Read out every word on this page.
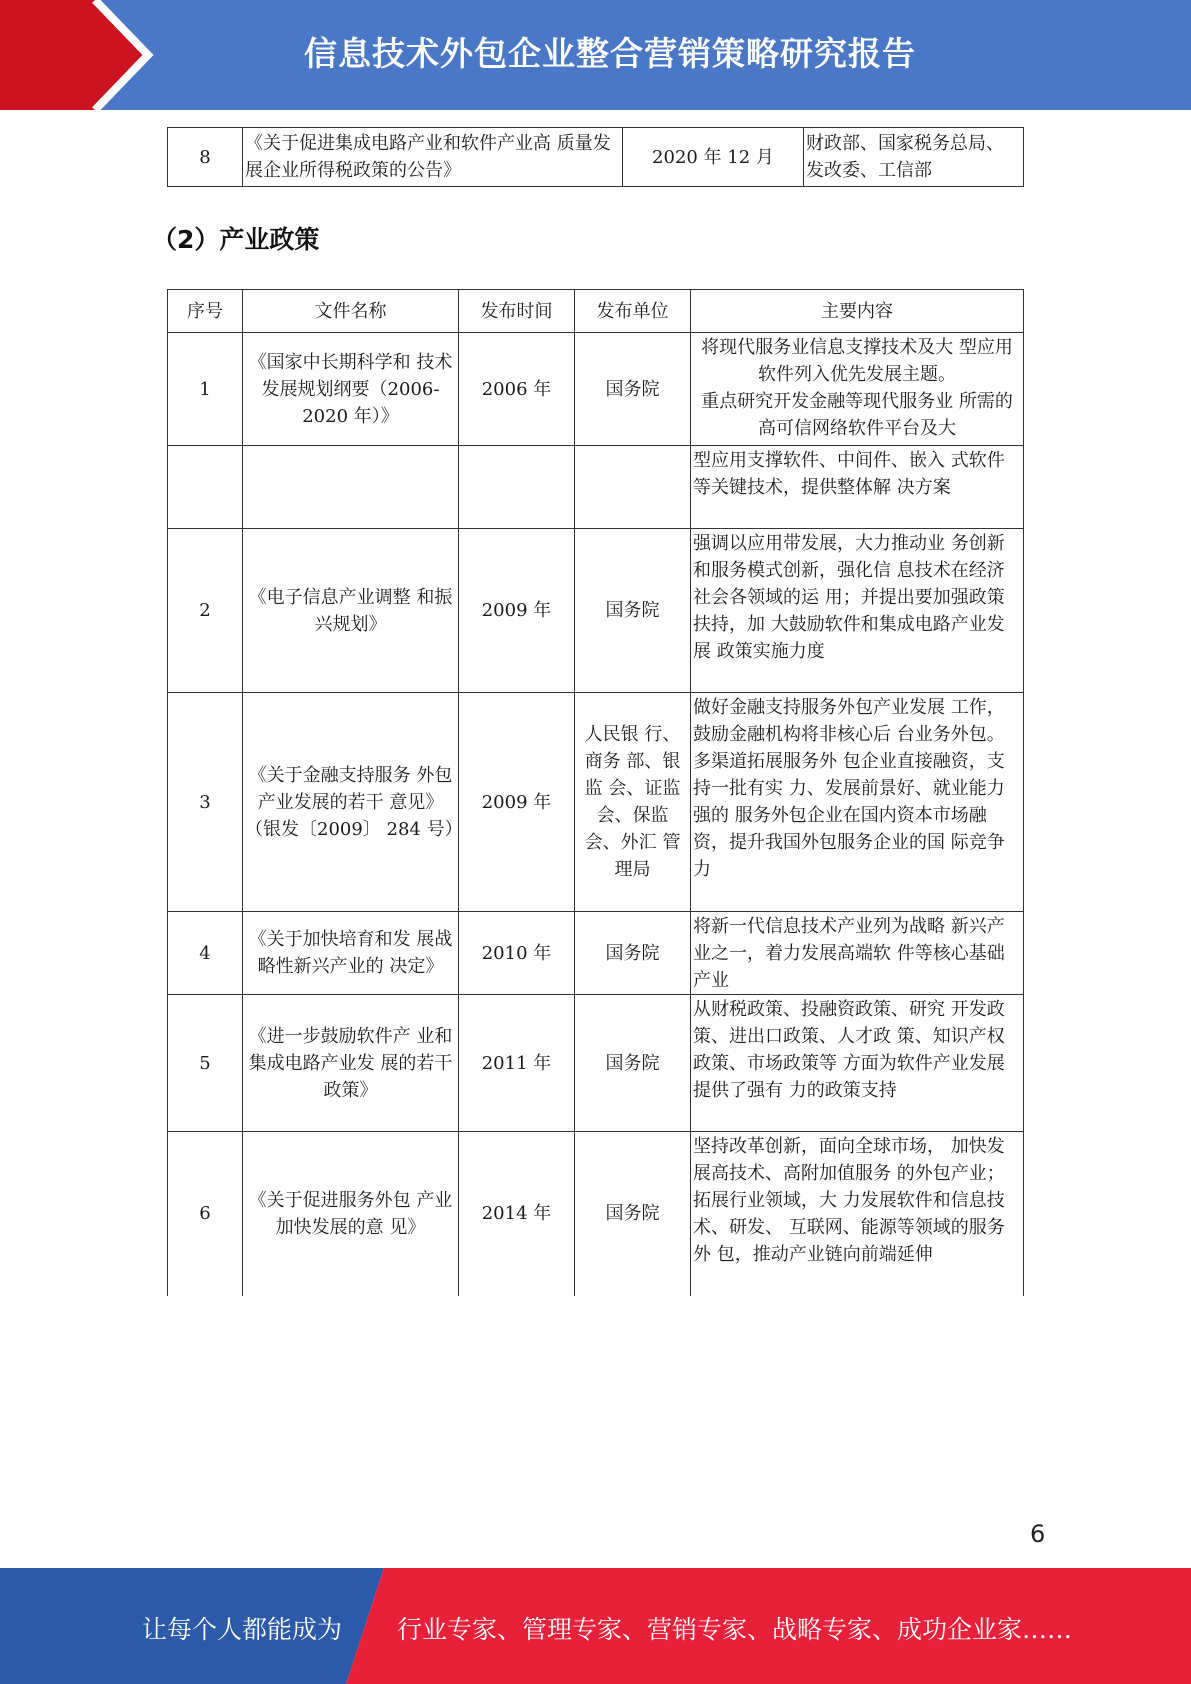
信息技术外包企业整合营销策略研究报告
8	《关于促进集成电路产业和软件产业高 质量发展企业所得税政策的公告》	2020 年 12 月	财政部、国家税务总局、发改委、工信部
（2）产业政策
序号	文件名称	发布时间	发布单位	主要内容
1	《国家中长期科学和 技术发展规划纲要（2006-2020 年）》	2006 年	国务院	将现代服务业信息支撑技术及大 型应用软件列入优先发展主题。
重点研究开发金融等现代服务业 所需的高可信网络软件平台及大

				型应用支撑软件、中间件、嵌入 式软件等关键技术，提供整体解 决方案
2	《电子信息产业调整 和振兴规划》	2009 年	国务院	强调以应用带发展，大力推动业 务创新和服务模式创新，强化信 息技术在经济社会各领域的运 用；并提出要加强政策扶持，加 大鼓励软件和集成电路产业发展 政策实施力度
3	《关于金融支持服务 外包产业发展的若干 意见》（银发〔2009〕 284 号）	2009 年	人民银 行、商务 部、银监 会、证监 会、保监 会、外汇 管理局	做好金融支持服务外包产业发展 工作，鼓励金融机构将非核心后 台业务外包。多渠道拓展服务外 包企业直接融资，支持一批有实 力、发展前景好、就业能力强的 服务外包企业在国内资本市场融 资，提升我国外包服务企业的国 际竞争力
4	《关于加快培育和发 展战略性新兴产业的 决定》	2010 年	国务院	将新一代信息技术产业列为战略 新兴产业之一，着力发展高端软 件等核心基础产业
5	《进一步鼓励软件产 业和集成电路产业发 展的若干政策》	2011 年	国务院	从财税政策、投融资政策、研究 开发政策、进出口政策、人才政 策、知识产权政策、市场政策等 方面为软件产业发展提供了强有 力的政策支持
6	《关于促进服务外包 产业加快发展的意 见》	2014 年	国务院	坚持改革创新，面向全球市场， 加快发展高技术、高附加值服务 的外包产业；拓展行业领域，大 力发展软件和信息技术、研发、 互联网、能源等领域的服务外 包，推动产业链向前端延伸
6
让每个人都能成为 行业专家、管理专家、营销专家、战略专家、成功企业家……
